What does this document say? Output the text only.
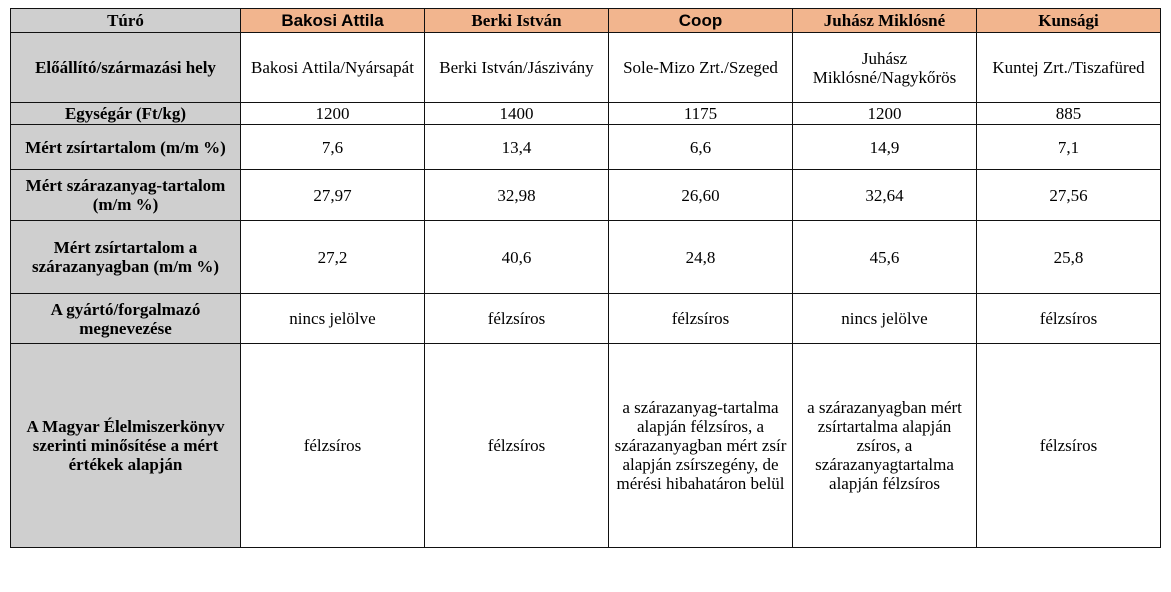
Túró	Bakosi Attila	Berki István	Coop	Juhász Miklósné	Kunsági
Előállító/származási hely	Bakosi Attila/Nyársapát	Berki István/Jászivány	Sole-Mizo Zrt./Szeged	Juhász Miklósné/Nagykőrös	Kuntej Zrt./Tiszafüred
Egységár (Ft/kg)	1200	1400	1175	1200	885
Mért zsírtartalom (m/m %)	7,6	13,4	6,6	14,9	7,1
Mért szárazanyag-tartalom (m/m %)	27,97	32,98	26,60	32,64	27,56
Mért zsírtartalom a szárazanyagban (m/m %)	27,2	40,6	24,8	45,6	25,8
A gyártó/forgalmazó megnevezése	nincs jelölve	félzsíros	félzsíros	nincs jelölve	félzsíros
A Magyar Élelmiszerkönyv szerinti minősítése a mért értékek alapján	félzsíros	félzsíros	a szárazanyag-tartalma alapján félzsíros, a szárazanyagban mért zsír alapján zsírszegény, de mérési hibahatáron belül	a szárazanyagban mért zsírtartalma alapján zsíros, a szárazanyagtartalma alapján félzsíros	félzsíros
